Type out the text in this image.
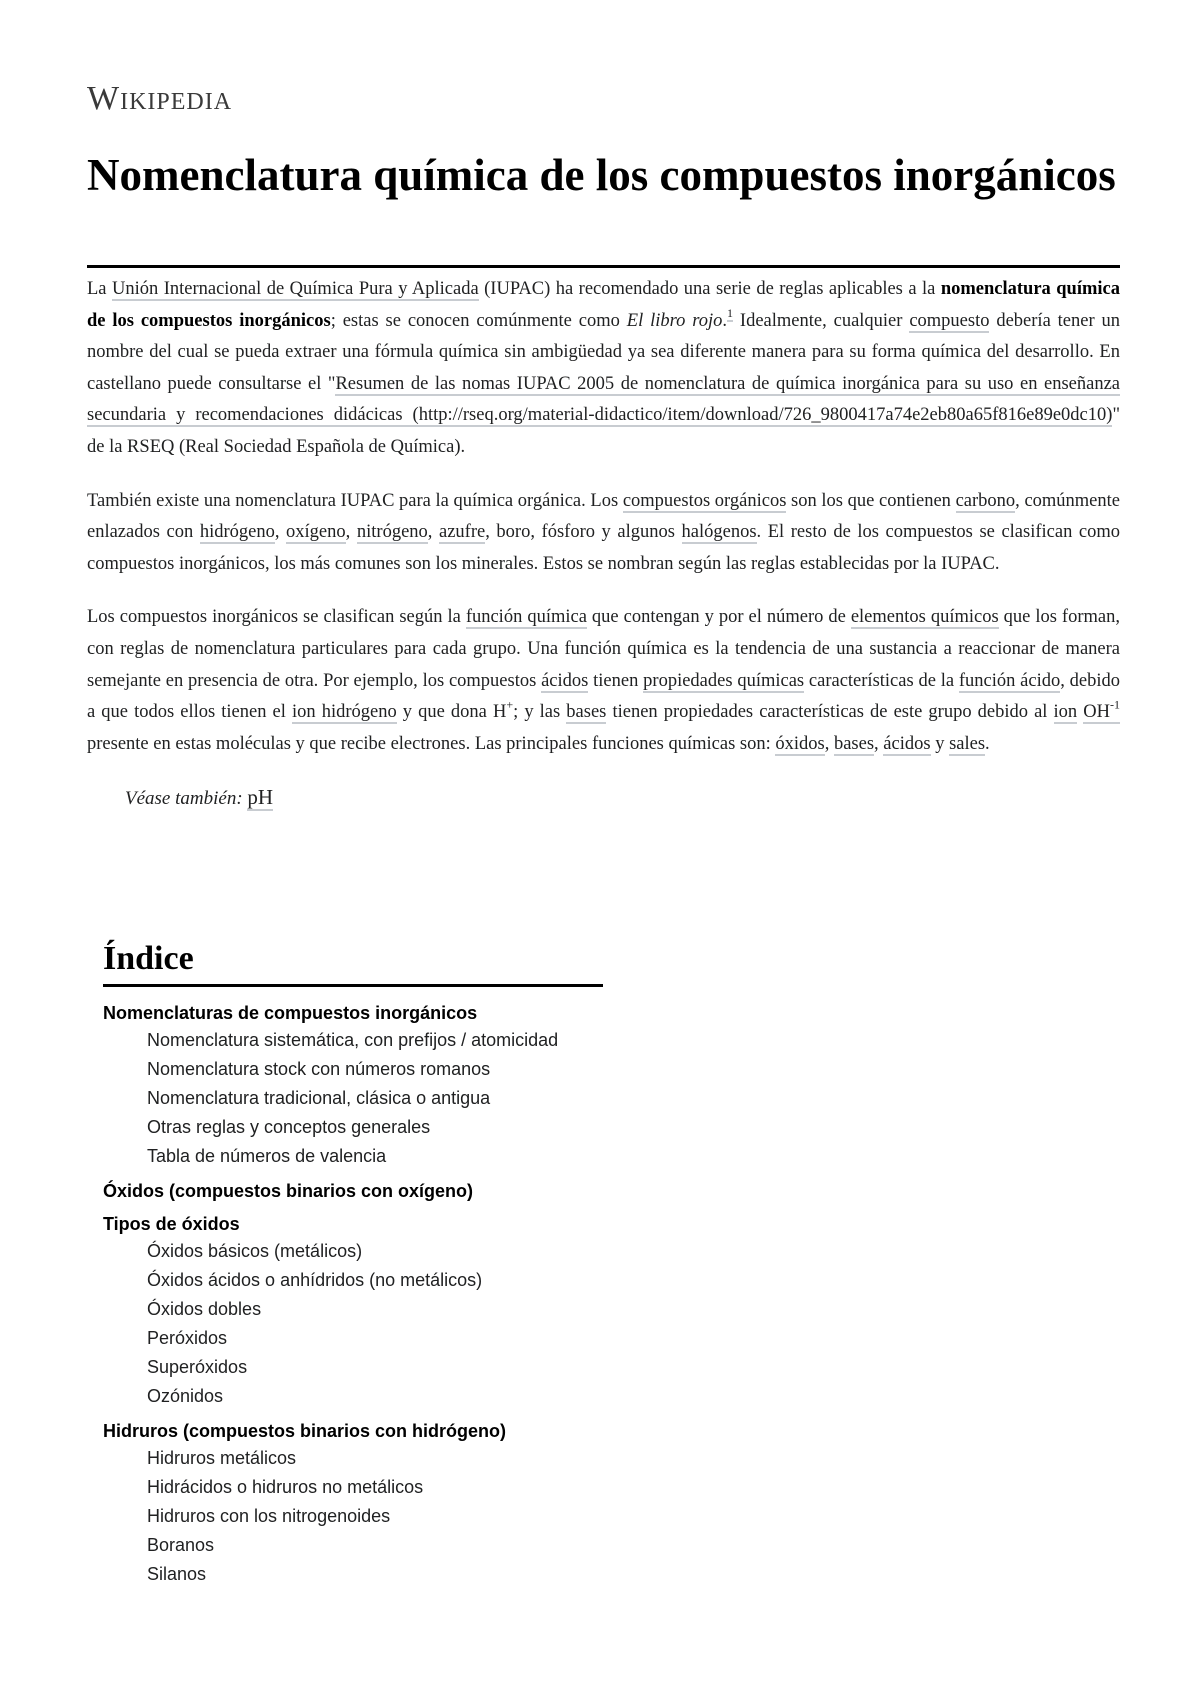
Wikipedia
Nomenclatura química de los compuestos inorgánicos

La Unión Internacional de Química Pura y Aplicada (IUPAC) ha recomendado una serie de reglas aplicables a la nomenclatura química de los compuestos inorgánicos; estas se conocen comúnmente como El libro rojo.$^1$ Idealmente, cualquier compuesto debería tener un nombre del cual se pueda extraer una fórmula química sin ambigüedad ya sea diferente manera para su forma química del desarrollo. En castellano puede consultarse el "Resumen de las nomas IUPAC 2005 de nomenclatura de química inorgánica para su uso en enseñanza secundaria y recomendaciones didácicas (http://rseq.org/material-didactico/item/download/726_9800417a74e2eb80a65f816e89e0dc10)" de la RSEQ (Real Sociedad Española de Química).

También existe una nomenclatura IUPAC para la química orgánica. Los compuestos orgánicos son los que contienen carbono, comúnmente enlazados con hidrógeno, oxígeno, nitrógeno, azufre, boro, fósforo y algunos halógenos. El resto de los compuestos se clasifican como compuestos inorgánicos, los más comunes son los minerales. Estos se nombran según las reglas establecidas por la IUPAC.

Los compuestos inorgánicos se clasifican según la función química que contengan y por el número de elementos químicos que los forman, con reglas de nomenclatura particulares para cada grupo. Una función química es la tendencia de una sustancia a reaccionar de manera semejante en presencia de otra. Por ejemplo, los compuestos ácidos tienen propiedades químicas características de la función ácido, debido a que todos ellos tienen el ion hidrógeno y que dona H+; y las bases tienen propiedades características de este grupo debido al ion $OH^{-1}$ presente en estas moléculas y que recibe electrones. Las principales funciones químicas son: óxidos, bases, ácidos y sales.

Véase también: pH
Índice
Nomenclaturas de compuestos inorgánicos
Nomenclatura sistemática, con prefijos / atomicidad
Nomenclatura stock con números romanos
Nomenclatura tradicional, clásica o antigua
Otras reglas y conceptos generales
Tabla de números de valencia
Óxidos (compuestos binarios con oxígeno)
Tipos de óxidos
Óxidos básicos (metálicos)
Óxidos ácidos o anhídridos (no metálicos)
Óxidos dobles
Peróxidos
Superóxidos
Ozónidos
Hidruros (compuestos binarios con hidrógeno)
Hidruros metálicos
Hidrácidos o hidruros no metálicos
Hidruros con los nitrogenoides
Boranos
Silanos
